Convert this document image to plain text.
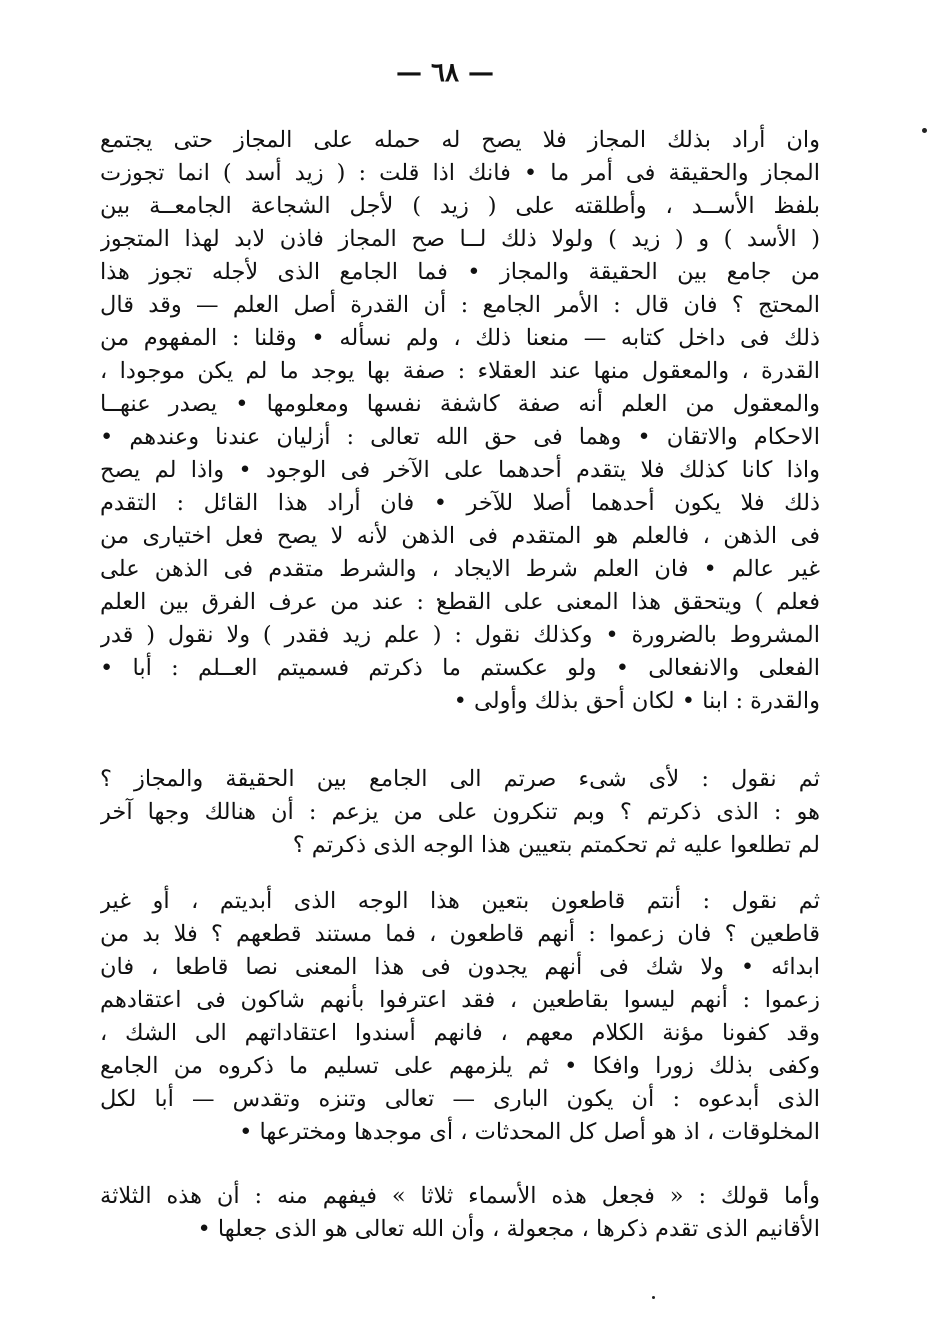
— ٦٨ —
وان أراد بذلك المجاز فلا يصح له حمله على المجاز حتى يجتمع
المجاز والحقيقة فى أمر ما • فانك اذا قلت : ( زيد أسد ) انما تجوزت
بلفظ الأســد ، وأطلقته على ( زيد ) لأجل الشجاعة الجامعــة بين
( الأسد ) و ( زيد ) ولولا ذلك لــا صح المجاز فاذن لابد لهذا المتجوز
من جامع بين الحقيقة والمجاز • فما الجامع الذى لأجله تجوز هذا
المحتج ؟ فان قال : الأمر الجامع : أن القدرة أصل العلم — وقد قال
ذلك فى داخل كتابه — منعنا ذلك ، ولم نسأله • وقلنا : المفهوم من
القدرة ، والمعقول منها عند العقلاء : صفة بها يوجد ما لم يكن موجودا ،
والمعقول من العلم أنه صفة كاشفة نفسها ومعلومها • يصدر عنهــا
الاحكام والاتقان • وهما فى حق الله تعالى : أزليان عندنا وعندهم •
واذا كانا كذلك فلا يتقدم أحدهما على الآخر فى الوجود • واذا لم يصح
ذلك فلا يكون أحدهما أصلا للآخر • فان أراد هذا القائل : التقدم
فى الذهن ، فالعلم هو المتقدم فى الذهن لأنه لا يصح فعل اختيارى من
غير عالم • فان العلم شرط الايجاد ، والشرط متقدم فى الذهن على
فعلم ) ويتحقق هذا المعنى على القطع : عند من عرف الفرق بين العلم
المشروط بالضرورة • وكذلك نقول : ( علم زيد فقدر ) ولا نقول ( قدر
الفعلى والانفعالى • ولو عكستم ما ذكرتم فسميتم العــلم : أبا •
والقدرة : ابنا • لكان أحق بذلك وأولى •
ثم نقول : لأى شىء صرتم الى الجامع بين الحقيقة والمجاز ؟
هو : الذى ذكرتم ؟ وبم تنكرون على من يزعم : أن هنالك وجها آخر
لم تطلعوا عليه ثم تحكمتم بتعيين هذا الوجه الذى ذكرتم ؟
ثم نقول : أنتم قاطعون بتعين هذا الوجه الذى أبديتم ، أو غير
قاطعين ؟ فان زعموا : أنهم قاطعون ، فما مستند قطعهم ؟ فلا بد من
ابدائه • ولا شك فى أنهم يجدون فى هذا المعنى نصا قاطعا ، فان
زعموا : أنهم ليسوا بقاطعين ، فقد اعترفوا بأنهم شاكون فى اعتقادهم
وقد كفونا مؤنة الكلام معهم ، فانهم أسندوا اعتقاداتهم الى الشك ،
وكفى بذلك زورا وافكا • ثم يلزمهم على تسليم ما ذكروه من الجامع
الذى أبدعوه : أن يكون البارى — تعالى وتنزه وتقدس — أبا لكل
المخلوقات ، اذ هو أصل كل المحدثات ، أى موجدها ومخترعها •
وأما قولك : « فجعل هذه الأسماء ثلاثا » فيفهم منه : أن هذه الثلاثة
الأقانيم الذى تقدم ذكرها ، مجعولة ، وأن الله تعالى هو الذى جعلها •
